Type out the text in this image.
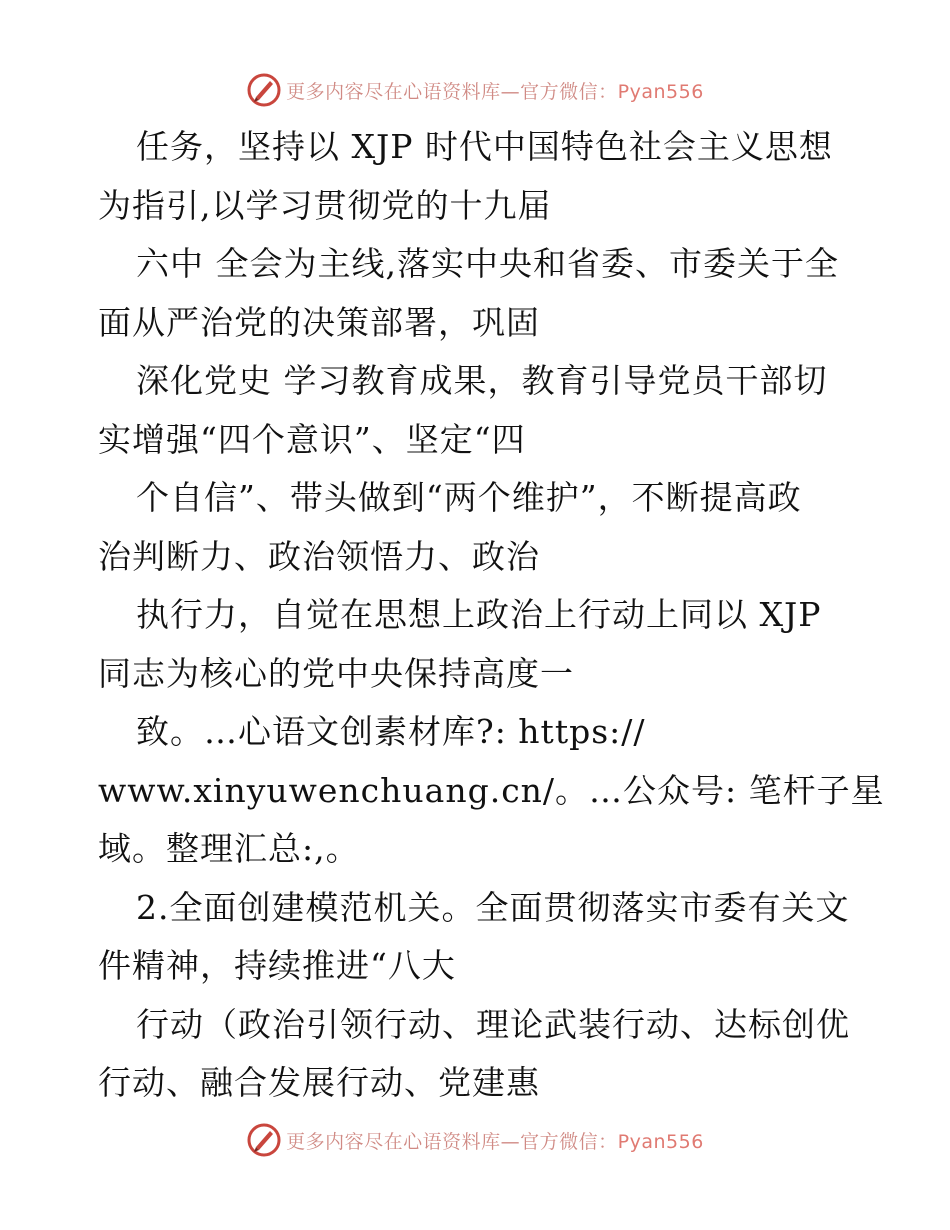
更多内容尽在心语资料库—官方微信：Pyan556
任务，坚持以 XJP 时代中国特色社会主义思想
为指引,以学习贯彻党的十九届
六中 全会为主线,落实中央和省委、市委关于全
面从严治党的决策部署，巩固
深化党史 学习教育成果，教育引导党员干部切
实增强“四个意识”、坚定“四
个自信”、带头做到“两个维护”，不断提高政
治判断力、政治领悟力、政治
执行力，自觉在思想上政治上行动上同以 XJP
同志为核心的党中央保持高度一
致。…心语文创素材库?: https://
www.xinyuwenchuang.cn/。…公众号: 笔杆子星
域。整理汇总:,。
2.全面创建模范机关。全面贯彻落实市委有关文
件精神，持续推进“八大
行动（政治引领行动、理论武装行动、达标创优
行动、融合发展行动、党建惠
更多内容尽在心语资料库—官方微信：Pyan556
